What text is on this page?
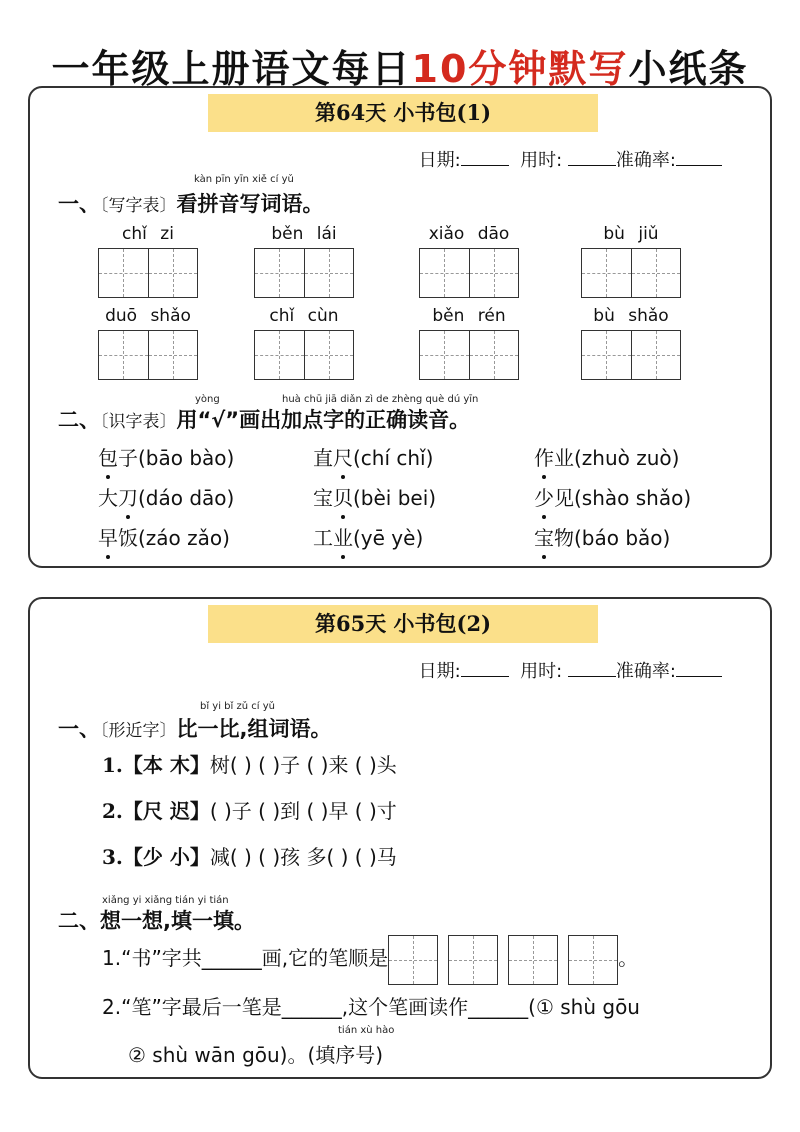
一年级上册语文每日10分钟默写小纸条
第64天 小书包(1)
日期:	用时:	准确率:
kàn pīn yīn xiě cí yǔ
一、〔写字表〕看拼音写词语。
chǐ zi	běn lái	xiǎo dāo	bù jiǔ
duō shǎo	chǐ cùn	běn rén	bù shǎo
yòng	huà chū jiā diǎn zì de zhèng què dú yīn
二、〔识字表〕用“√”画出加点字的正确读音。
包子(bāo bào)	直尺(chí chǐ)	作业(zhuò zuò)
大刀(dáo dāo)	宝贝(bèi bei)	少见(shào shǎo)
早饭(záo zǎo)	工业(yē yè)	宝物(báo bǎo)
第65天 小书包(2)
日期:	用时:	准确率:
bǐ yi bǐ zǔ cí yǔ
一、〔形近字〕比一比,组词语。
1.【本 木】树( ) ( )子 ( )来 ( )头
2.【尺 迟】( )子 ( )到 ( )早 ( )寸
3.【少 小】减( ) ( )孩 多( ) ( )马
xiǎng yi xiǎng tián yi tián
二、想一想,填一填。
1.“书”字共______画,它的笔顺是	。
2.“笔”字最后一笔是______,这个笔画读作______(① shù gōu
tián xù hào
② shù wān gōu)。(填序号)
